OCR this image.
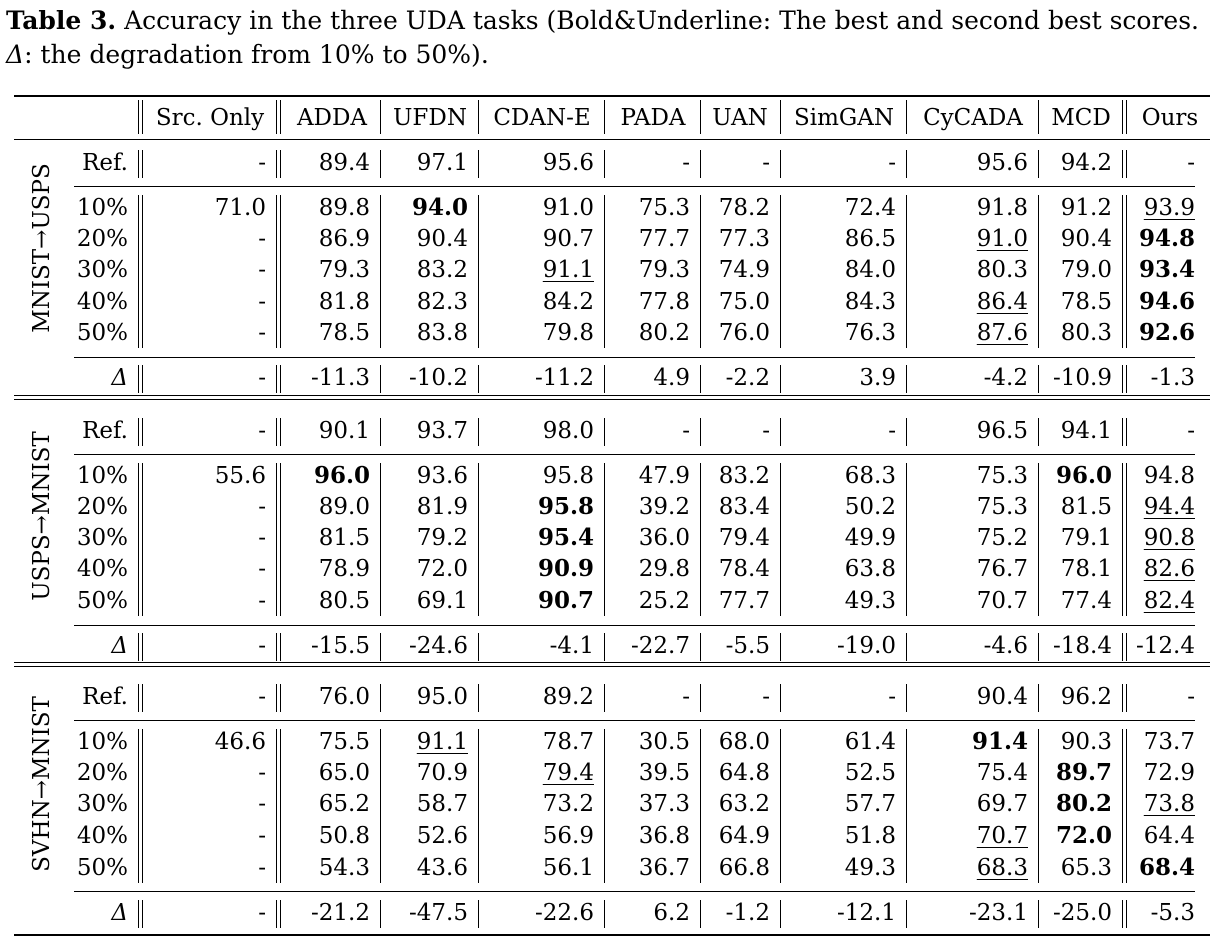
Table 3. Accuracy in the three UDA tasks (Bold&Underline: The best and second best scores. Δ: the degradation from 10% to 50%).

Src. Only	ADDA	UFDN CDAN-E PADA UAN SimGAN	CyCADA	MCD Ours
Ref.	-	89.4	97.1	95.6	-	-	-	95.6	94.2	-
10%	71.0	89.8	94.0	91.0	75.3	78.2	72.4	91.8	91.2	93.9
20%	-	86.9	90.4	90.7	77.7	77.3	86.5	91.0	90.4	94.8
30%	-	79.3	83.2	91.1	79.3	74.9	84.0	80.3	79.0	93.4
40%	-	81.8	82.3	84.2	77.8	75.0	84.3	86.4	78.5	94.6
50%	-	78.5	83.8	79.8	80.2	76.0	76.3	87.6	80.3	92.6
Δ	-	-11.3	-10.2	-11.2	4.9	-2.2	3.9	-4.2	-10.9	-1.3
MNIST→USPS
Ref.	-	90.1	93.7	98.0	-	-	-	96.5	94.1	-
10%	55.6	96.0	93.6	95.8	47.9	83.2	68.3	75.3	96.0	94.8
20%	-	89.0	81.9	95.8	39.2	83.4	50.2	75.3	81.5	94.4
30%	-	81.5	79.2	95.4	36.0	79.4	49.9	75.2	79.1	90.8
40%	-	78.9	72.0	90.9	29.8	78.4	63.8	76.7	78.1	82.6
50%	-	80.5	69.1	90.7	25.2	77.7	49.3	70.7	77.4	82.4
Δ	-	-15.5	-24.6	-4.1	-22.7	-5.5	-19.0	-4.6	-18.4	-12.4
USPS→MNIST
Ref.	-	76.0	95.0	89.2	-	-	-	90.4	96.2	-
10%	46.6	75.5	91.1	78.7	30.5	68.0	61.4	91.4	90.3	73.7
20%	-	65.0	70.9	79.4	39.5	64.8	52.5	75.4	89.7	72.9
30%	-	65.2	58.7	73.2	37.3	63.2	57.7	69.7	80.2	73.8
40%	-	50.8	52.6	56.9	36.8	64.9	51.8	70.7	72.0	64.4
50%	-	54.3	43.6	56.1	36.7	66.8	49.3	68.3	65.3	68.4
Δ	-	-21.2	-47.5	-22.6	6.2	-1.2	-12.1	-23.1	-25.0	-5.3
SVHN→MNIST
